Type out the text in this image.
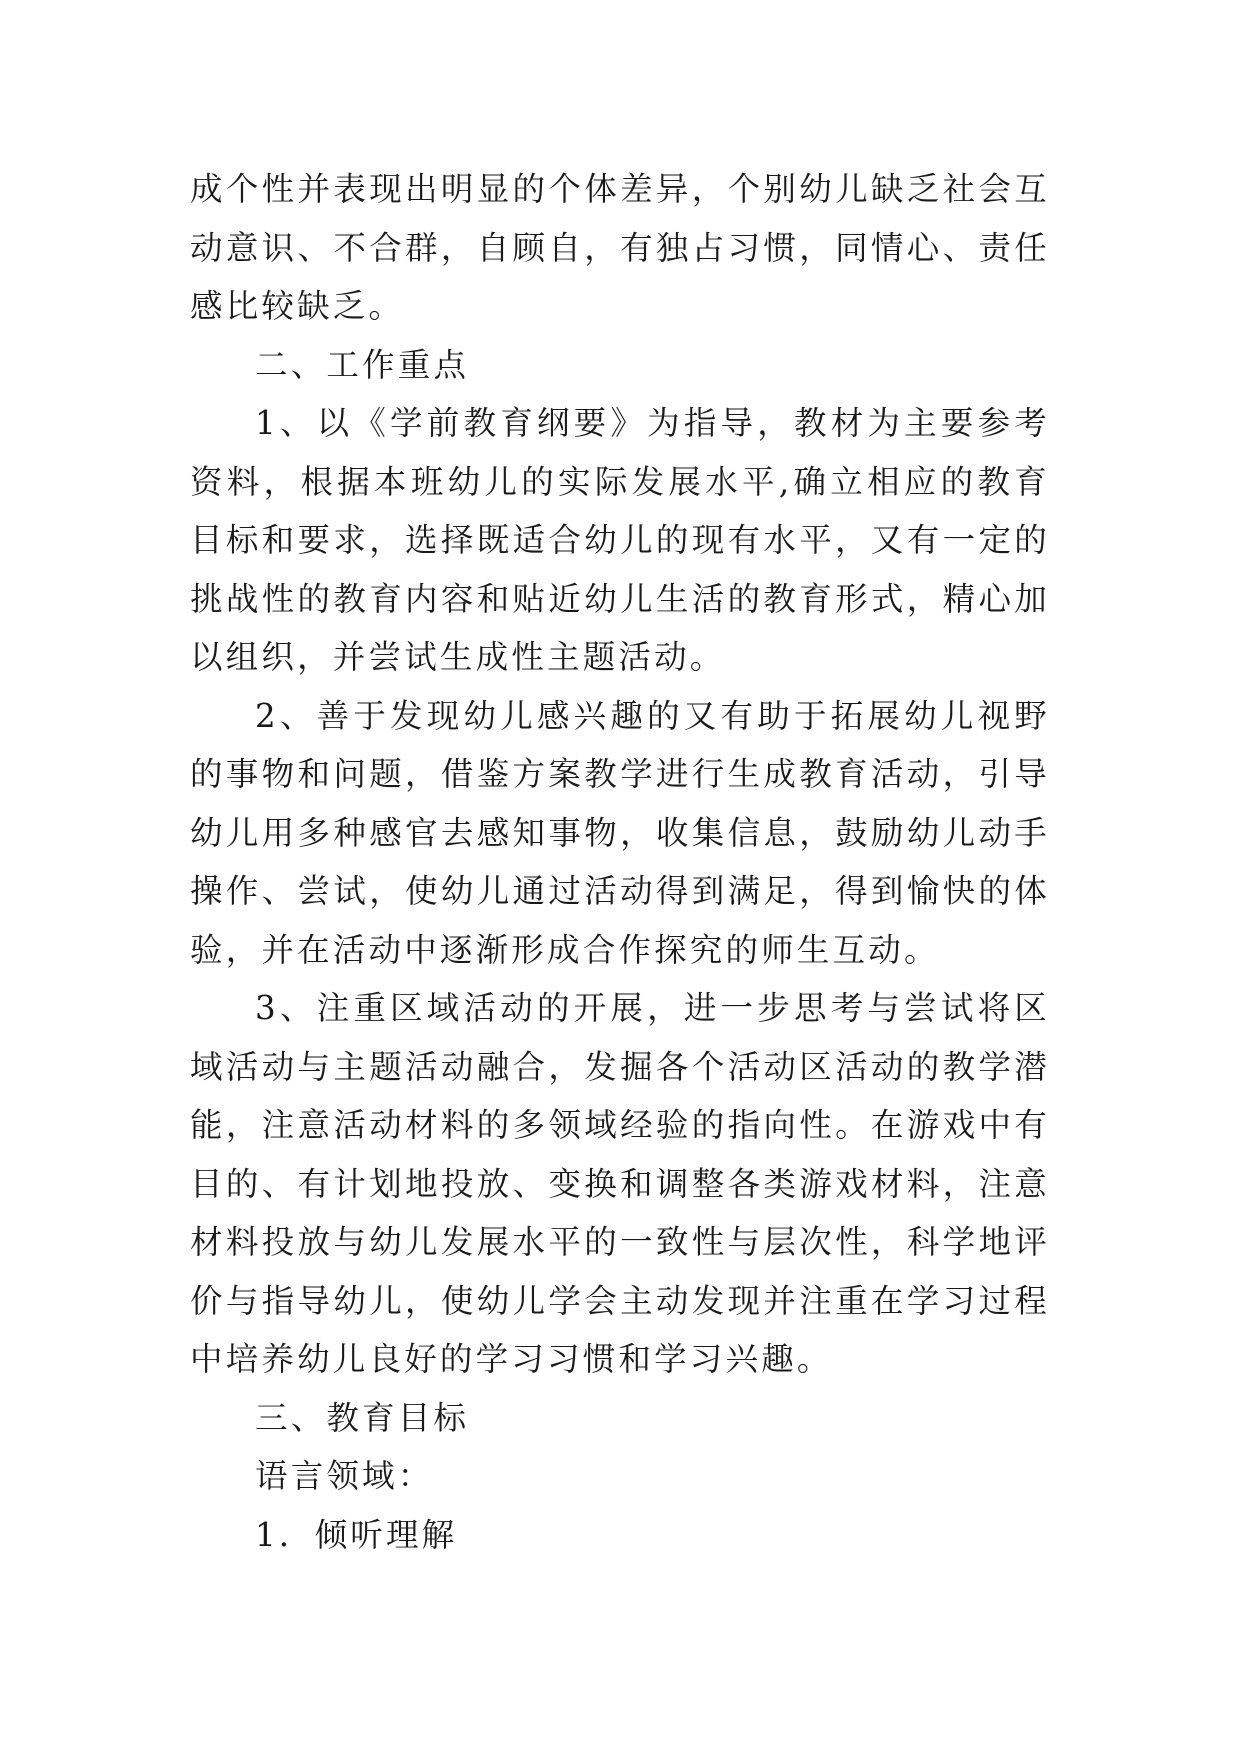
成个性并表现出明显的个体差异，个别幼儿缺乏社会互动意识、不合群，自顾自，有独占习惯，同情心、责任感比较缺乏。

二、工作重点

1、以《学前教育纲要》为指导，教材为主要参考资料，根据本班幼儿的实际发展水平,确立相应的教育目标和要求，选择既适合幼儿的现有水平，又有一定的挑战性的教育内容和贴近幼儿生活的教育形式，精心加以组织，并尝试生成性主题活动。

2、善于发现幼儿感兴趣的又有助于拓展幼儿视野的事物和问题，借鉴方案教学进行生成教育活动，引导幼儿用多种感官去感知事物，收集信息，鼓励幼儿动手操作、尝试，使幼儿通过活动得到满足，得到愉快的体验，并在活动中逐渐形成合作探究的师生互动。

3、注重区域活动的开展，进一步思考与尝试将区域活动与主题活动融合，发掘各个活动区活动的教学潜能，注意活动材料的多领域经验的指向性。在游戏中有目的、有计划地投放、变换和调整各类游戏材料，注意材料投放与幼儿发展水平的一致性与层次性，科学地评价与指导幼儿，使幼儿学会主动发现并注重在学习过程中培养幼儿良好的学习习惯和学习兴趣。

三、教育目标

语言领域：

1．倾听理解
